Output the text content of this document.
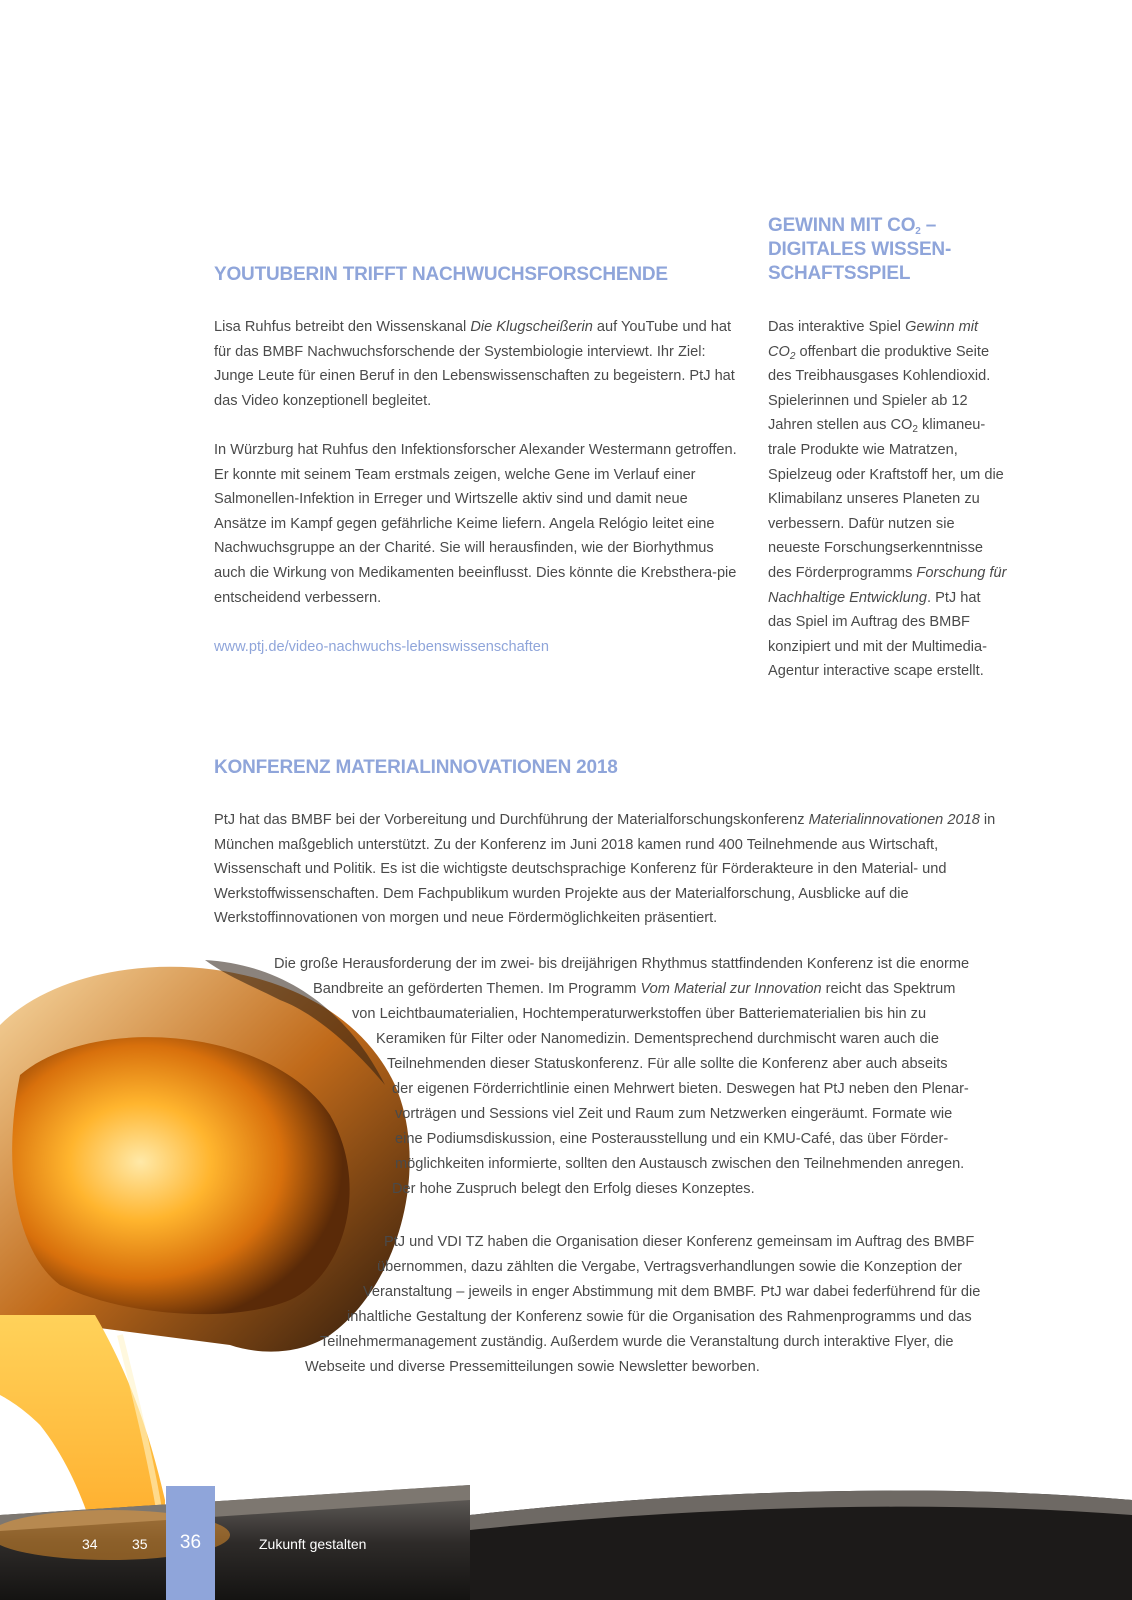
YOUTUBERIN TRIFFT NACHWUCHSFORSCHENDE

Lisa Ruhfus betreibt den Wissenskanal Die Klugscheißerin auf YouTube und hat für das BMBF Nachwuchsforschende der Systembiologie interviewt. Ihr Ziel: Junge Leute für einen Beruf in den Lebenswissenschaften zu begeistern. PtJ hat das Video konzeptionell begleitet.

In Würzburg hat Ruhfus den Infektionsforscher Alexander Westermann getroffen. Er konnte mit seinem Team erstmals zeigen, welche Gene im Verlauf einer Salmonellen-Infektion in Erreger und Wirtszelle aktiv sind und damit neue Ansätze im Kampf gegen gefährliche Keime liefern. Angela Relógio leitet eine Nachwuchsgruppe an der Charité. Sie will herausfinden, wie der Biorhythmus auch die Wirkung von Medikamenten beeinflusst. Dies könnte die Krebsthera-pie entscheidend verbessern.

www.ptj.de/video-nachwuchs-lebenswissenschaften
GEWINN MIT $CO_2$ – DIGITALES WISSEN-SCHAFTSSPIEL

Das interaktive Spiel Gewinn mit $CO_2$ offenbart die produktive Seite des Treibhausgases Kohlendioxid. Spielerinnen und Spieler ab 12 Jahren stellen aus $CO_2$ klimaneu-trale Produkte wie Matratzen, Spielzeug oder Kraftstoff her, um die Klimabilanz unseres Planeten zu verbessern. Dafür nutzen sie neueste Forschungserkenntnisse des Förderprogramms Forschung für Nachhaltige Entwicklung. PtJ hat das Spiel im Auftrag des BMBF konzipiert und mit der Multimedia-Agentur interactive scape erstellt.

KONFERENZ MATERIALINNOVATIONEN 2018

PtJ hat das BMBF bei der Vorbereitung und Durchführung der Materialforschungskonferenz Materialinnovationen 2018 in München maßgeblich unterstützt. Zu der Konferenz im Juni 2018 kamen rund 400 Teilnehmende aus Wirtschaft, Wissenschaft und Politik. Es ist die wichtigste deutschsprachige Konferenz für Förderakteure in den Material- und Werkstoffwissenschaften. Dem Fachpublikum wurden Projekte aus der Materialforschung, Ausblicke auf die Werkstoffinnovationen von morgen und neue Fördermöglichkeiten präsentiert.

Die große Herausforderung der im zwei- bis dreijährigen Rhythmus stattfindenden Konferenz ist die enorme
Bandbreite an geförderten Themen. Im Programm Vom Material zur Innovation reicht das Spektrum
von Leichtbaumaterialien, Hochtemperaturwerkstoffen über Batteriematerialien bis hin zu
Keramiken für Filter oder Nanomedizin. Dementsprechend durchmischt waren auch die
Teilnehmenden dieser Statuskonferenz. Für alle sollte die Konferenz aber auch abseits
der eigenen Förderrichtlinie einen Mehrwert bieten. Deswegen hat PtJ neben den Plenar-
vorträgen und Sessions viel Zeit und Raum zum Netzwerken eingeräumt. Formate wie
eine Podiumsdiskussion, eine Posterausstellung und ein KMU-Café, das über Förder-
möglichkeiten informierte, sollten den Austausch zwischen den Teilnehmenden anregen.
Der hohe Zuspruch belegt den Erfolg dieses Konzeptes.
PtJ und VDI TZ haben die Organisation dieser Konferenz gemeinsam im Auftrag des BMBF
übernommen, dazu zählten die Vergabe, Vertragsverhandlungen sowie die Konzeption der
Veranstaltung – jeweils in enger Abstimmung mit dem BMBF. PtJ war dabei federführend für die
inhaltliche Gestaltung der Konferenz sowie für die Organisation des Rahmenprogramms und das
Teilnehmermanagement zuständig. Außerdem wurde die Veranstaltung durch interaktive Flyer, die
Webseite und diverse Pressemitteilungen sowie Newsletter beworben.
34 35	36	Zukunft gestalten
